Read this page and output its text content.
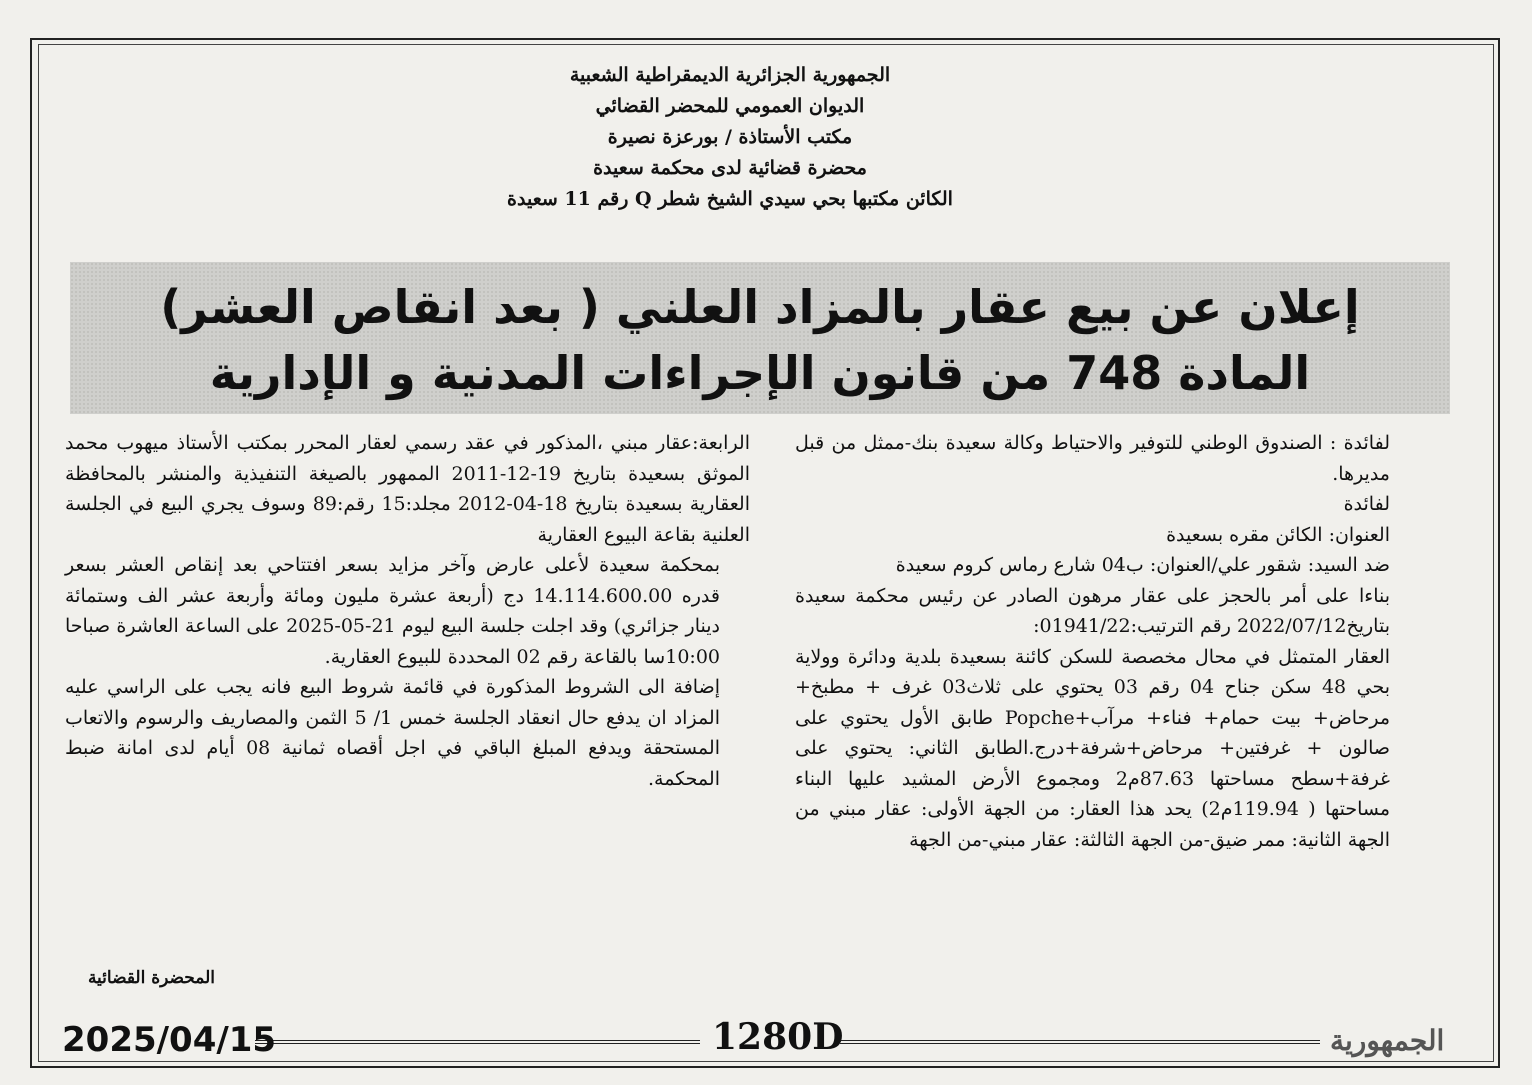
الجمهورية الجزائرية الديمقراطية الشعبية
الديوان العمومي للمحضر القضائي
مكتب الأستاذة / بورعزة نصيرة
محضرة قضائية لدى محكمة سعيدة
الكائن مكتبها بحي سيدي الشيخ شطر Q رقم 11 سعيدة
إعلان عن بيع عقار بالمزاد العلني ( بعد انقاص العشر)
المادة 748 من قانون الإجراءات المدنية و الإدارية

لفائدة : الصندوق الوطني للتوفير والاحتياط وكالة سعيدة بنك-ممثل من قبل مديرها.

لفائدة

العنوان: الكائن مقره بسعيدة

ضد السيد: شقور علي/العنوان: ب04 شارع رماس كروم سعيدة

بناءا على أمر بالحجز على عقار مرهون الصادر عن رئيس محكمة سعيدة بتاريخ2022/07/12 رقم الترتيب:01941/22:

العقار المتمثل في محال مخصصة للسكن كائنة بسعيدة بلدية ودائرة وولاية بحي 48 سكن جناح 04 رقم 03 يحتوي على ثلاث03 غرف + مطبخ+ مرحاض+ بيت حمام+ فناء+ مرآب+Popche طابق الأول يحتوي على صالون + غرفتين+ مرحاض+شرفة+درج.الطابق الثاني: يحتوي على غرفة+سطح مساحتها 87.63م2 ومجموع الأرض المشيد عليها البناء مساحتها ( 119.94م2) يحد هذا العقار: من الجهة الأولى: عقار مبني من الجهة الثانية: ممر ضيق-من الجهة الثالثة: عقار مبني-من الجهة

الرابعة:عقار مبني ،المذكور في عقد رسمي لعقار المحرر بمكتب الأستاذ ميهوب محمد الموثق بسعيدة بتاريخ 19-12-2011 الممهور بالصيغة التنفيذية والمنشر بالمحافظة العقارية بسعيدة بتاريخ 18-04-2012 مجلد:15 رقم:89 وسوف يجري البيع في الجلسة العلنية بقاعة البيوع العقارية

بمحكمة سعيدة لأعلى عارض وآخر مزايد بسعر افتتاحي بعد إنقاص العشر بسعر قدره 14.114.600.00 دج (أربعة عشرة مليون ومائة وأربعة عشر الف وستمائة دينار جزائري) وقد اجلت جلسة البيع ليوم 21-05-2025 على الساعة العاشرة صباحا 10:00سا بالقاعة رقم 02 المحددة للبيوع العقارية.

إضافة الى الشروط المذكورة في قائمة شروط البيع فانه يجب على الراسي عليه المزاد ان يدفع حال انعقاد الجلسة خمس 1/ 5 الثمن والمصاريف والرسوم والاتعاب المستحقة ويدفع المبلغ الباقي في اجل أقصاه ثمانية 08 أيام لدى امانة ضبط المحكمة.

المحضرة القضائية
2025/04/15	1280D	الجمهورية
